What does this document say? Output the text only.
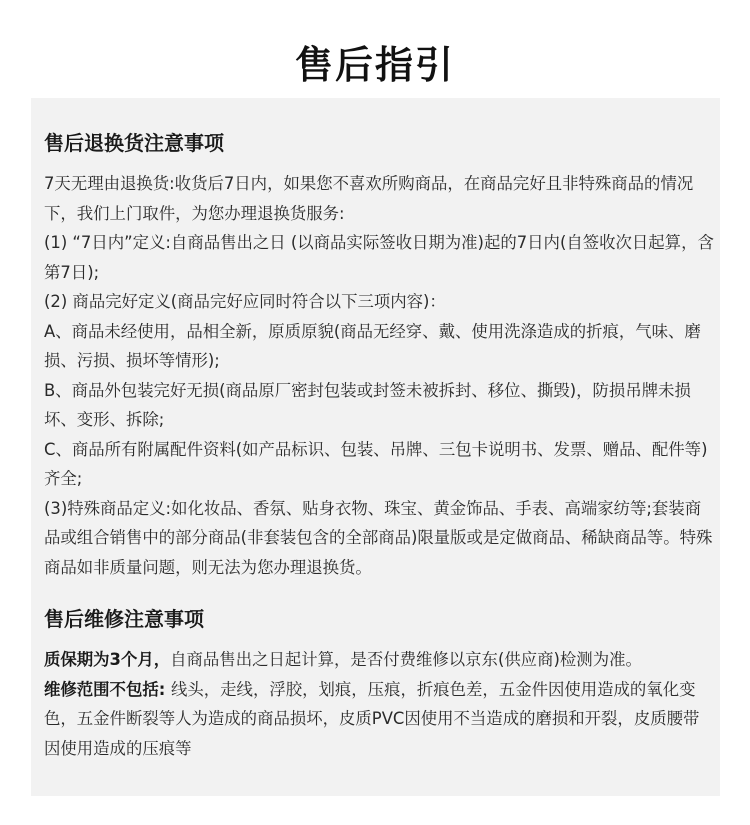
售后指引
售后退换货注意事项

7天无理由退换货:收货后7日内，如果您不喜欢所购商品，在商品完好且非特殊商品的情况下，我们上门取件，为您办理退换货服务:

(1) “7日内”定义:自商品售出之日 (以商品实际签收日期为准)起的7日内(自签收次日起算，含第7日);

(2) 商品完好定义(商品完好应同时符合以下三项内容)：

A、商品未经使用，品相全新，原质原貌(商品无经穿、戴、使用洗涤造成的折痕，气味、磨损、污损、损坏等情形);

B、商品外包装完好无损(商品原厂密封包装或封签未被拆封、移位、撕毁)，防损吊牌未损坏、变形、拆除;

C、商品所有附属配件资料(如产品标识、包装、吊牌、三包卡说明书、发票、赠品、配件等) 齐全;

(3)特殊商品定义:如化妆品、香氛、贴身衣物、珠宝、黄金饰品、手表、高端家纺等;套装商品或组合销售中的部分商品(非套装包含的全部商品)限量版或是定做商品、稀缺商品等。特殊商品如非质量问题，则无法为您办理退换货。

售后维修注意事项

质保期为3个月，自商品售出之日起计算，是否付费维修以京东(供应商)检测为准。

维修范围不包括: 线头，走线，浮胶，划痕，压痕，折痕色差，五金件因使用造成的氧化变色，五金件断裂等人为造成的商品损坏，皮质PVC因使用不当造成的磨损和开裂，皮质腰带因使用造成的压痕等
